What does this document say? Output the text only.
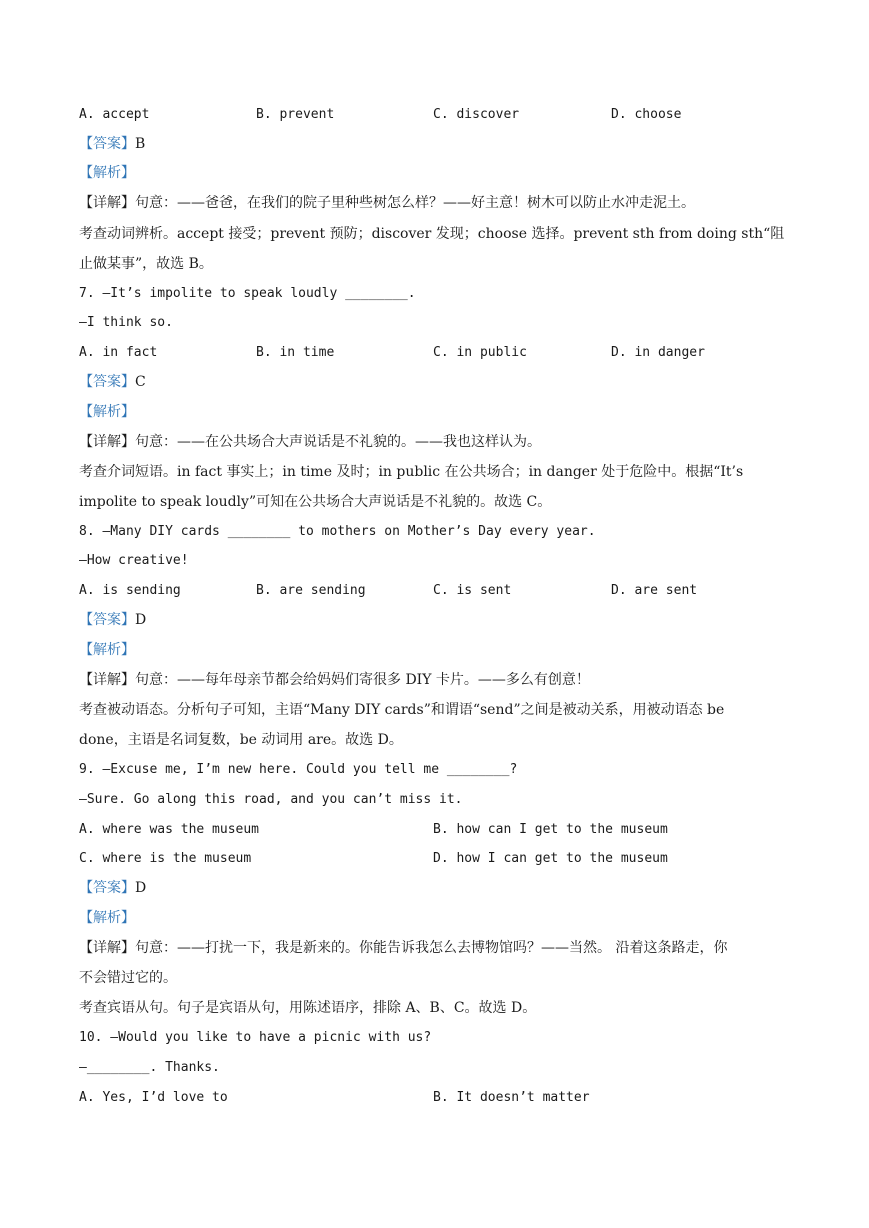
A. accept	B. prevent	C. discover	D. choose
【答案】B
【解析】
【详解】句意：——爸爸，在我们的院子里种些树怎么样？——好主意！树木可以防止水冲走泥土。
考查动词辨析。accept 接受；prevent 预防；discover 发现；choose 选择。prevent sth from doing sth“阻
止做某事”，故选 B。
7. —It’s impolite to speak loudly ________.
—I think so.
A. in fact	B. in time	C. in public	D. in danger
【答案】C
【解析】
【详解】句意：——在公共场合大声说话是不礼貌的。——我也这样认为。
考查介词短语。in fact 事实上；in time 及时；in public 在公共场合；in danger 处于危险中。根据“It’s
impolite to speak loudly”可知在公共场合大声说话是不礼貌的。故选 C。
8. —Many DIY cards ________ to mothers on Mother’s Day every year.
—How creative!
A. is sending	B. are sending	C. is sent	D. are sent
【答案】D
【解析】
【详解】句意：——每年母亲节都会给妈妈们寄很多 DIY 卡片。——多么有创意！
考查被动语态。分析句子可知，主语“Many DIY cards”和谓语“send”之间是被动关系，用被动语态 be
done，主语是名词复数，be 动词用 are。故选 D。
9. —Excuse me, I’m new here. Could you tell me ________?
—Sure. Go along this road, and you can’t miss it.
A. where was the museum	B. how can I get to the museum
C. where is the museum	D. how I can get to the museum
【答案】D
【解析】
【详解】句意：——打扰一下，我是新来的。你能告诉我怎么去博物馆吗？——当然。 沿着这条路走，你
不会错过它的。
考查宾语从句。句子是宾语从句，用陈述语序，排除 A、B、C。故选 D。
10. —Would you like to have a picnic with us?
—________. Thanks.
A. Yes, I’d love to	B. It doesn’t matter
